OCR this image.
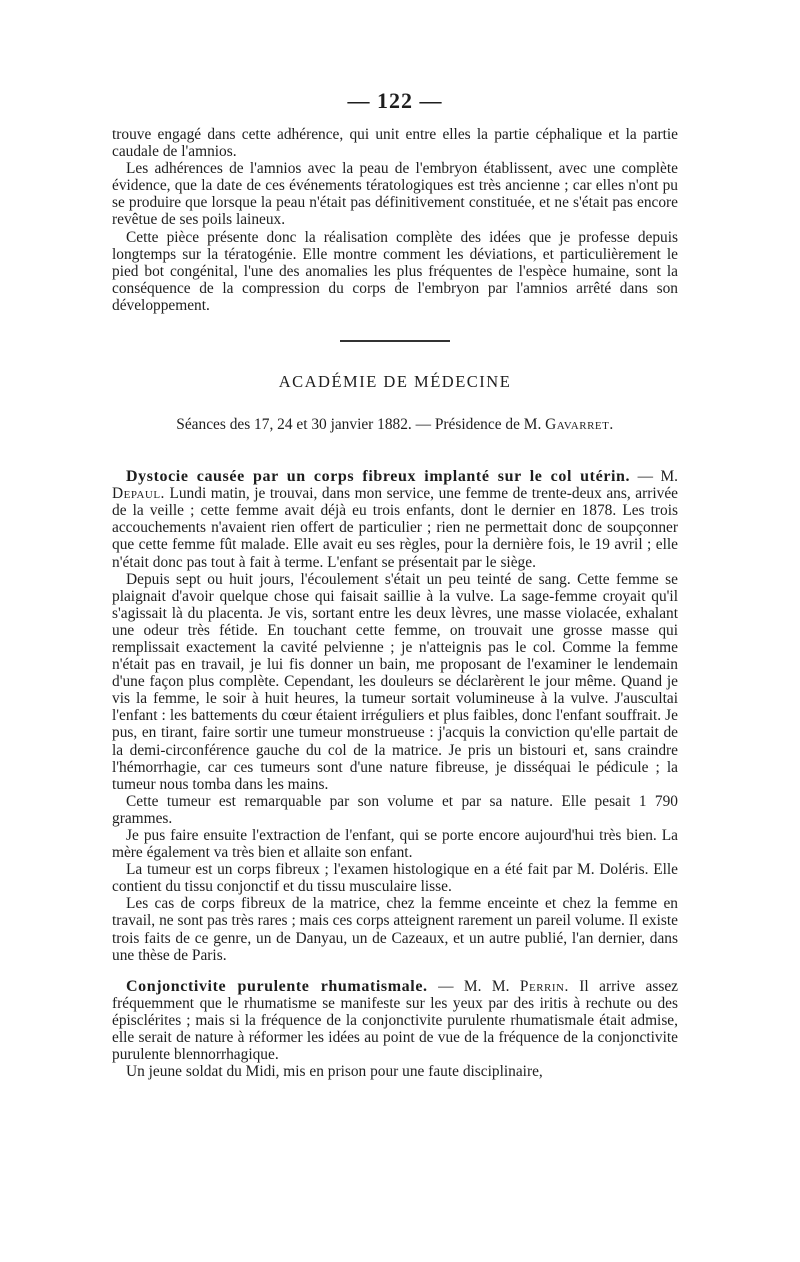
— 122 —

trouve engagé dans cette adhérence, qui unit entre elles la partie céphalique et la partie caudale de l'amnios.

Les adhérences de l'amnios avec la peau de l'embryon établissent, avec une complète évidence, que la date de ces événements tératologiques est très ancienne ; car elles n'ont pu se produire que lorsque la peau n'était pas définitivement constituée, et ne s'était pas encore revêtue de ses poils laineux.

Cette pièce présente donc la réalisation complète des idées que je professe depuis longtemps sur la tératogénie. Elle montre comment les déviations, et particulièrement le pied bot congénital, l'une des anomalies les plus fréquentes de l'espèce humaine, sont la conséquence de la compression du corps de l'embryon par l'amnios arrêté dans son développement.

ACADÉMIE DE MÉDECINE
Séances des 17, 24 et 30 janvier 1882. — Présidence de M. Gavarret.

Dystocie causée par un corps fibreux implanté sur le col utérin. — M. Depaul. Lundi matin, je trouvai, dans mon service, une femme de trente-deux ans, arrivée de la veille ; cette femme avait déjà eu trois enfants, dont le dernier en 1878. Les trois accouchements n'avaient rien offert de particulier ; rien ne permettait donc de soupçonner que cette femme fût malade. Elle avait eu ses règles, pour la dernière fois, le 19 avril ; elle n'était donc pas tout à fait à terme. L'enfant se présentait par le siège.

Depuis sept ou huit jours, l'écoulement s'était un peu teinté de sang. Cette femme se plaignait d'avoir quelque chose qui faisait saillie à la vulve. La sage-femme croyait qu'il s'agissait là du placenta. Je vis, sortant entre les deux lèvres, une masse violacée, exhalant une odeur très fétide. En touchant cette femme, on trouvait une grosse masse qui remplissait exactement la cavité pelvienne ; je n'atteignis pas le col. Comme la femme n'était pas en travail, je lui fis donner un bain, me proposant de l'examiner le lendemain d'une façon plus complète. Cependant, les douleurs se déclarèrent le jour même. Quand je vis la femme, le soir à huit heures, la tumeur sortait volumineuse à la vulve. J'auscultai l'enfant : les battements du cœur étaient irréguliers et plus faibles, donc l'enfant souffrait. Je pus, en tirant, faire sortir une tumeur monstrueuse : j'acquis la conviction qu'elle partait de la demi-circonférence gauche du col de la matrice. Je pris un bistouri et, sans craindre l'hémorrhagie, car ces tumeurs sont d'une nature fibreuse, je disséquai le pédicule ; la tumeur nous tomba dans les mains.

Cette tumeur est remarquable par son volume et par sa nature. Elle pesait 1 790 grammes.

Je pus faire ensuite l'extraction de l'enfant, qui se porte encore aujourd'hui très bien. La mère également va très bien et allaite son enfant.

La tumeur est un corps fibreux ; l'examen histologique en a été fait par M. Doléris. Elle contient du tissu conjonctif et du tissu musculaire lisse.

Les cas de corps fibreux de la matrice, chez la femme enceinte et chez la femme en travail, ne sont pas très rares ; mais ces corps atteignent rarement un pareil volume. Il existe trois faits de ce genre, un de Danyau, un de Cazeaux, et un autre publié, l'an dernier, dans une thèse de Paris.

Conjonctivite purulente rhumatismale. — M. M. Perrin. Il arrive assez fréquemment que le rhumatisme se manifeste sur les yeux par des iritis à rechute ou des épisclérites ; mais si la fréquence de la conjonctivite purulente rhumatismale était admise, elle serait de nature à réformer les idées au point de vue de la fréquence de la conjonctivite purulente blennorrhagique.

Un jeune soldat du Midi, mis en prison pour une faute disciplinaire,
